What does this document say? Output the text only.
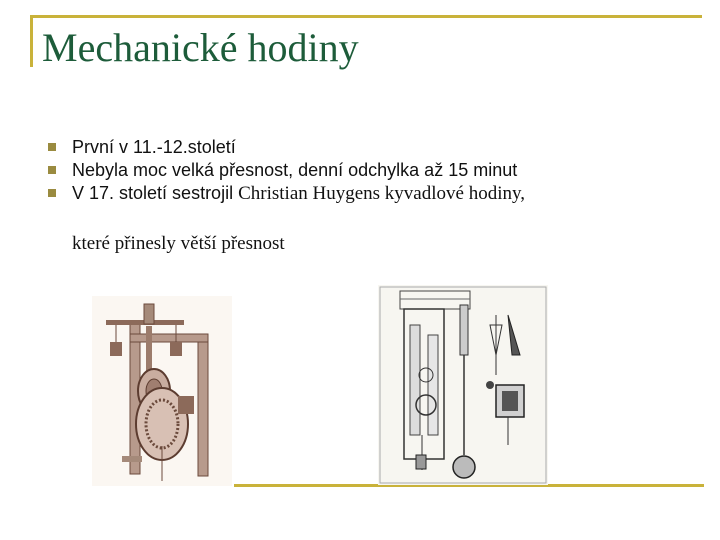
Mechanické hodiny
První v 11.-12.století
Nebyla moc velká přesnost, denní odchylka až 15 minut
V 17. století sestrojil Christian Huygens kyvadlové hodiny,
které přinesly větší přesnost
